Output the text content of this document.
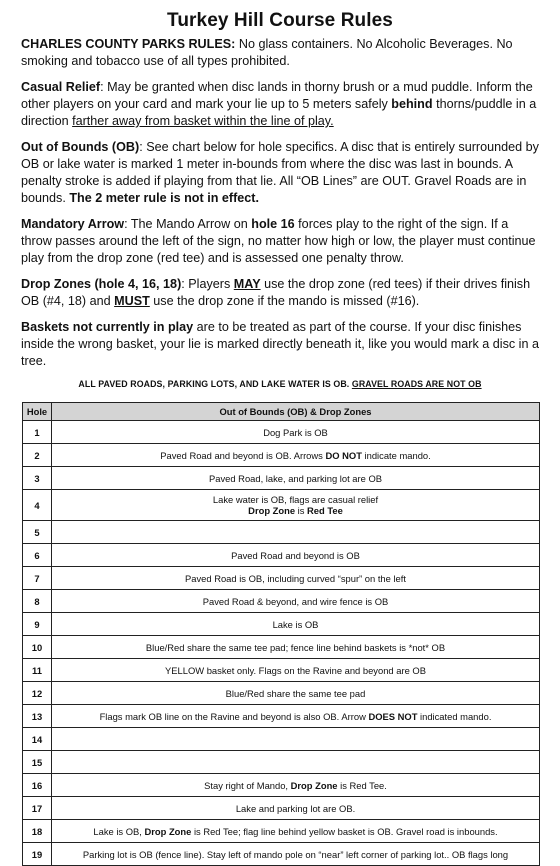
Turkey Hill Course Rules

CHARLES COUNTY PARKS RULES: No glass containers. No Alcoholic Beverages. No smoking and tobacco use of all types prohibited.

Casual Relief: May be granted when disc lands in thorny brush or a mud puddle. Inform the other players on your card and mark your lie up to 5 meters safely behind thorns/puddle in a direction farther away from basket within the line of play.

Out of Bounds (OB): See chart below for hole specifics. A disc that is entirely surrounded by OB or lake water is marked 1 meter in-bounds from where the disc was last in bounds. A penalty stroke is added if playing from that lie. All “OB Lines” are OUT. Gravel Roads are in bounds. The 2 meter rule is not in effect.

Mandatory Arrow: The Mando Arrow on hole 16 forces play to the right of the sign. If a throw passes around the left of the sign, no matter how high or low, the player must continue play from the drop zone (red tee) and is assessed one penalty throw.

Drop Zones (hole 4, 16, 18): Players MAY use the drop zone (red tees) if their drives finish OB (#4, 18) and MUST use the drop zone if the mando is missed (#16).

Baskets not currently in play are to be treated as part of the course. If your disc finishes inside the wrong basket, your lie is marked directly beneath it, like you would mark a disc in a tree.

ALL PAVED ROADS, PARKING LOTS, AND LAKE WATER IS OB. GRAVEL ROADS ARE NOT OB
Hole	Out of Bounds (OB) & Drop Zones
1	Dog Park is OB
2	Paved Road and beyond is OB. Arrows DO NOT indicate mando.
3	Paved Road, lake, and parking lot are OB
4	Lake water is OB, flags are casual relief
Drop Zone is Red Tee
5	
6	Paved Road and beyond is OB
7	Paved Road is OB, including curved “spur” on the left
8	Paved Road & beyond, and wire fence is OB
9	Lake is OB
10	Blue/Red share the same tee pad; fence line behind baskets is *not* OB
11	YELLOW basket only. Flags on the Ravine and beyond are OB
12	Blue/Red share the same tee pad
13	Flags mark OB line on the Ravine and beyond is also OB. Arrow DOES NOT indicated mando.
14	
15	
16	Stay right of Mando, Drop Zone is Red Tee.
17	Lake and parking lot are OB.
18	Lake is OB, Drop Zone is Red Tee; flag line behind yellow basket is OB. Gravel road is inbounds.
19	Parking lot is OB (fence line). Stay left of mando pole on “near” left corner of parking lot.. OB flags long
